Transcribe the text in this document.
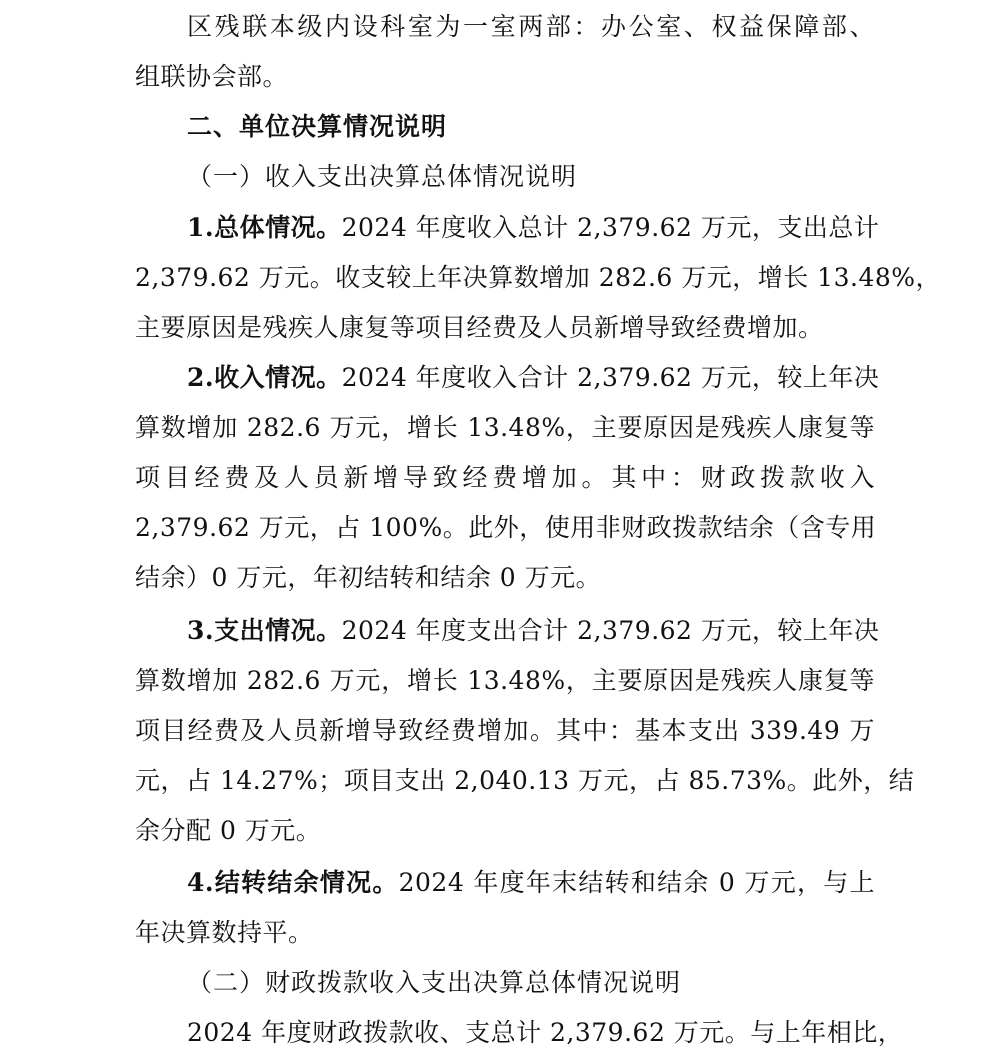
区残联本级内设科室为一室两部：办公室、权益保障部、
组联协会部。
二、单位决算情况说明
（一）收入支出决算总体情况说明
1.总体情况。2024 年度收入总计 2,379.62 万元，支出总计
2,379.62 万元。收支较上年决算数增加 282.6 万元，增长 13.48%，
主要原因是残疾人康复等项目经费及人员新增导致经费增加。
2.收入情况。2024 年度收入合计 2,379.62 万元，较上年决
算数增加 282.6 万元，增长 13.48%，主要原因是残疾人康复等
项目经费及人员新增导致经费增加。其中：财政拨款收入
2,379.62 万元，占 100%。此外，使用非财政拨款结余（含专用
结余）0 万元，年初结转和结余 0 万元。
3.支出情况。2024 年度支出合计 2,379.62 万元，较上年决
算数增加 282.6 万元，增长 13.48%，主要原因是残疾人康复等
项目经费及人员新增导致经费增加。其中：基本支出 339.49 万
元，占 14.27%；项目支出 2,040.13 万元，占 85.73%。此外，结
余分配 0 万元。
4.结转结余情况。2024 年度年末结转和结余 0 万元，与上
年决算数持平。
（二）财政拨款收入支出决算总体情况说明
2024 年度财政拨款收、支总计 2,379.62 万元。与上年相比，
